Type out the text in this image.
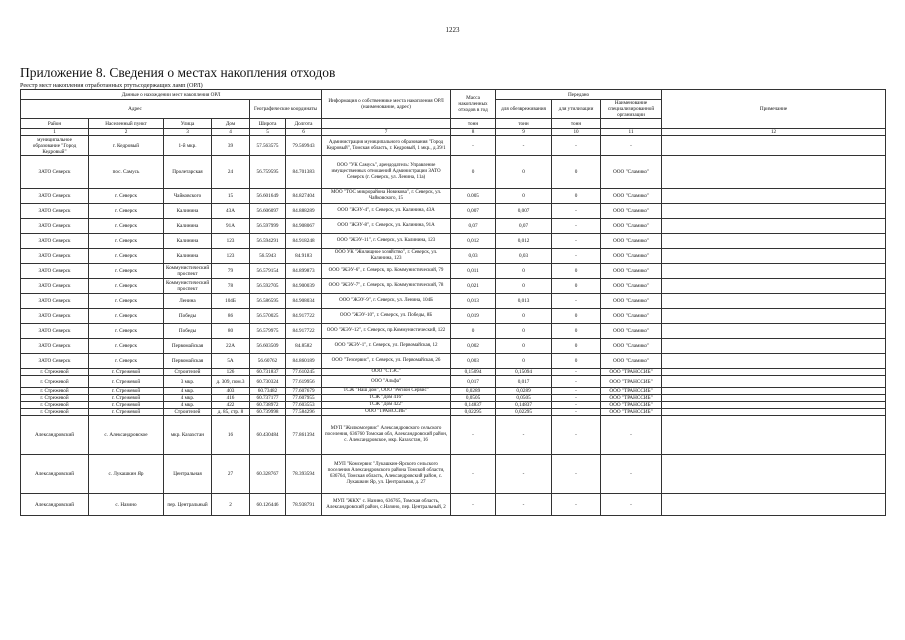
1223
Приложение 8. Сведения о местах накопления отходов
Реестр мест накопления отработанных ртутьсодержащих ламп (ОРЛ)
Данные о нахождении мест накопления ОРЛ						Информация о собственнике места накопления ОРЛ (наименование, адрес)	Масса накопленных отходов в год	Передано			Примечание
Адрес				Географические координаты				для обезвреживания	для утилизации	Наименование специализированной организации	

Район	Населенный пункт	Улица	Дом	Широта	Долгота		тонн	тонн	тонн		
1	2	3	4	5	6	7	8	9	10	11	12
муниципальное образование "Город Кедровый"	г. Кедровый	1-й мкр.	39	57.563575	79.569943	Администрация муниципального образования "Город Кедровый", Томская область, г. Кедровый, 1 мкр., д.39/1	-	-	-	-	
ЗАТО Северск	пос. Самусь	Пролетарская	24	56.759595	84.701383	ООО "УК Самусь", арендодатель: Управление имущественных отношений Администрации ЗАТО Северск (г. Северск, ул. Ленина, 11а)	0	0	0	ООО "Сламико"	
ЗАТО Северск	г. Северск	Чайковского	15	56.601649	84.827404	МОО "ТОС микрорайона Новикова", г. Северск, ул. Чайковского, 15	0.005	0	0	ООО "Сламико"	
ЗАТО Северск	г. Северск	Калинина	43А	56.606097	84.888289	ООО "ЖЭУ-4", г. Северск, ул. Калинина, 43А	0,007	0,007	-	ООО "Сламико"	
ЗАТО Северск	г. Северск	Калинина	91А	56.597999	84.908067	ООО "ЖЭУ-8", г. Северск, ул. Калинина, 91А	0,07	0,07	-	ООО "Сламико"	
ЗАТО Северск	г. Северск	Калинина	123	56.594291	84.918248	ООО "ЖЭУ-11", г. Северск, ул. Калинина, 123	0,012	0,012	-	ООО "Сламико"	
ЗАТО Северск	г. Северск	Калинина	123	56.5943	84.9183	ООО УК "Жилищное хозяйство", г. Северск, ул. Калинина, 123	0,03	0,03	-	ООО "Сламико"	
ЗАТО Северск	г. Северск	Коммунистический проспект	79	56.579154	84.899873	ООО "ЖЭУ-6", г. Северск, пр. Коммунистический, 79	0,011	0	0	ООО "Сламико"	
ЗАТО Северск	г. Северск	Коммунистический проспект	78	56.592705	84.900039	ООО "ЖЭУ-7", г. Северск, пр. Коммунистический, 78	0,021	0	0	ООО "Сламико"	
ЗАТО Северск	г. Северск	Ленина	104Б	56.586595	84.908034	ООО "ЖЭУ-9", г. Северск, ул. Ленина, 104Б	0,013	0,013	-	ООО "Сламико"	
ЗАТО Северск	г. Северск	Победы	86	56.570025	84.917722	ООО "ЖЭУ-10", г. Северск, ул. Победы, 8Б	0,019	0	0	ООО "Сламико"	
ЗАТО Северск	г. Северск	Победы	80	56.579975	84.917722	ООО "ЖЭУ-12", г. Северск, пр.Коммунистический, 122	0	0	0	ООО "Сламико"	
ЗАТО Северск	г. Северск	Первомайская	22А	56.603509	84.8582	ООО "ЖЭУ-1", г. Северск, ул. Первомайская, 12	0,002	0	0	ООО "Сламико"	
ЗАТО Северск	г. Северск	Первомайская	5А	56.60762	84.860189	ООО "Тезсервис", г. Северск, ул. Первомайская, 26	0,003	0	0	ООО "Сламико"	
г. Стрежевой	г. Стрежевой	Строителей	126	60.731837	77.610245	ООО "СТЭС"	0,15094	0,15094	-	ООО "ТРАНССИБ"	
г. Стрежевой	г. Стрежевой	3 мкр.	д. 309, пом.3	60.730324	77.619956	ООО "Альфа"	0,017	0,017	-	ООО "ТРАНССИБ"	
г. Стрежевой	г. Стрежевой	4 мкр.	403	60.73482	77.607679	ТСЖ "Наш дом", ООО "Регион Сервис"	0,0289	0,0289	-	ООО "ТРАНССИБ"	
г. Стрежевой	г. Стрежевой	4 мкр.	416	60.737177	77.607955	ТСЖ "Дом 416"	0,0505	0,0505	-	ООО "ТРАНССИБ"	
г. Стрежевой	г. Стрежевой	4 мкр.	422	60.738972	77.603553	ТСЖ "Дом 422"	0,14837	0,14837	-	ООО "ТРАНССИБ"	
г. Стрежевой	г. Стрежевой	Строителей	д. 85, стр. 8	60.739998	77.584296	ООО "ТРАНССИБ"	0,02295	0,02295	-	ООО "ТРАНССИБ"	
Александровский	с. Александровское	мкр. Казахстан	16	60.430484	77.861394	МУП "Жилкомсервис" Александровского сельского поселения, 636760 Томская обл, Александровский район, с. Александровское, мкр. Казахстан, 16	-	-	-	-	
Александровский	с. Лукашкин Яр	Центральная	27	60.328767	78.393594	МУП "Комсервис "Лукашкин-Ярского сельского поселения Александровского района Томской области, 636764, Томская область, Александровский район, с. Лукашкин Яр, ул. Центральная, д. 27	-	-	-	-	
Александровский	с. Назино	пер. Центральный	2	60.126446	78.938791	МУП "ЖКХ" с. Назино, 636765, Томская область, Александровский район, с.Назино, пер. Центральный, 2	-	-	-	-	
